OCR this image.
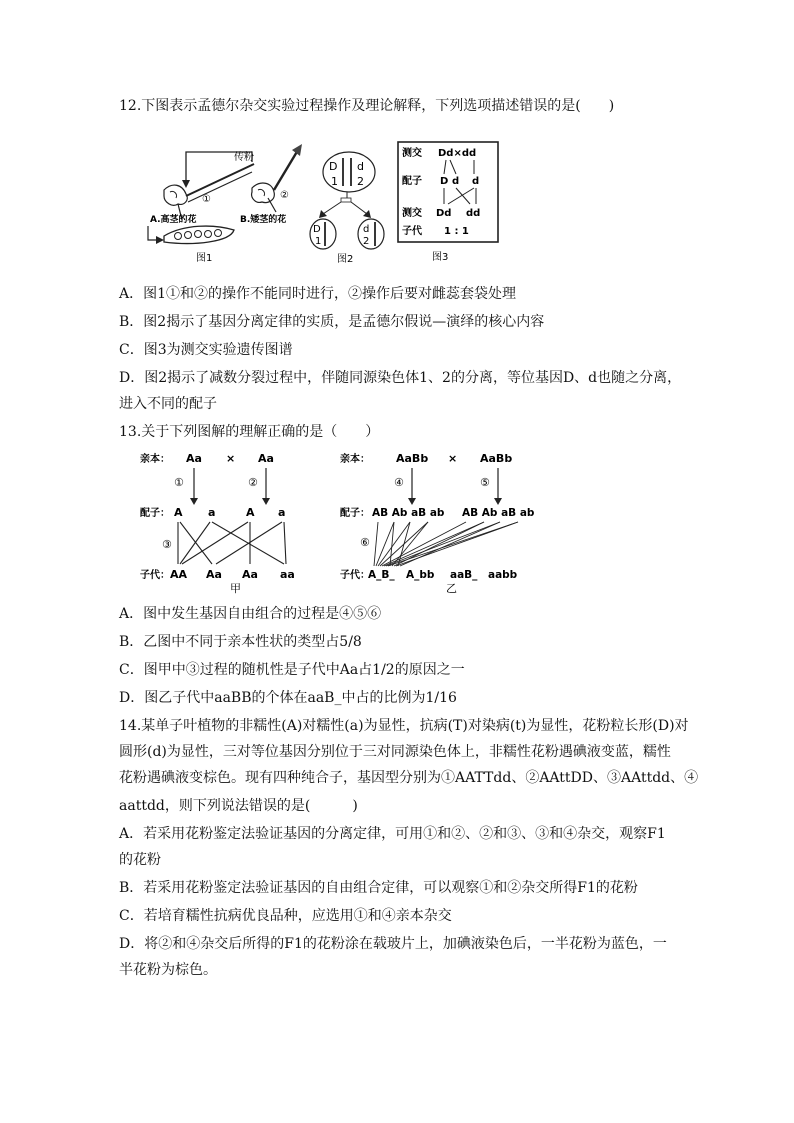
12.下图表示孟德尔杂交实验过程操作及理论解释，下列选项描述错误的是(　　)
传粉
①	②
A.高茎的花	B.矮茎的花
图1
D d
1 2
D
1
d
2
图2
测交 Dd×dd
配子 D d d
测交 Dd dd
子代 1 : 1
图3
A．图1①和②的操作不能同时进行，②操作后要对雌蕊套袋处理
B．图2揭示了基因分离定律的实质，是孟德尔假说—演绎的核心内容
C．图3为测交实验遗传图谱
D．图2揭示了减数分裂过程中，伴随同源染色体1、2的分离，等位基因D、d也随之分离，
进入不同的配子
13.关于下列图解的理解正确的是（　　）
亲本： Aa × Aa
①	②
配子： A a	A a
③
子代： AA Aa Aa aa
甲
亲本： AaBb × AaBb
④	⑤
配子： AB Ab aB ab AB Ab aB ab
⑥
子代：
A_B_ A_bb aaB_ aabb
乙
A．图中发生基因自由组合的过程是④⑤⑥
B．乙图中不同于亲本性状的类型占5/8
C．图甲中③过程的随机性是子代中Aa占1/2的原因之一
D．图乙子代中aaBB的个体在aaB_中占的比例为1/16
14.某单子叶植物的非糯性(A)对糯性(a)为显性，抗病(T)对染病(t)为显性，花粉粒长形(D)对
圆形(d)为显性，三对等位基因分别位于三对同源染色体上，非糯性花粉遇碘液变蓝，糯性
花粉遇碘液变棕色。现有四种纯合子，基因型分别为①AATTdd、②AAttDD、③AAttdd、④
aattdd，则下列说法错误的是(　　　)
A．若采用花粉鉴定法验证基因的分离定律，可用①和②、②和③、③和④杂交，观察F1
的花粉
B．若采用花粉鉴定法验证基因的自由组合定律，可以观察①和②杂交所得F1的花粉
C．若培育糯性抗病优良品种，应选用①和④亲本杂交
D．将②和④杂交后所得的F1的花粉涂在载玻片上，加碘液染色后，一半花粉为蓝色，一
半花粉为棕色。
